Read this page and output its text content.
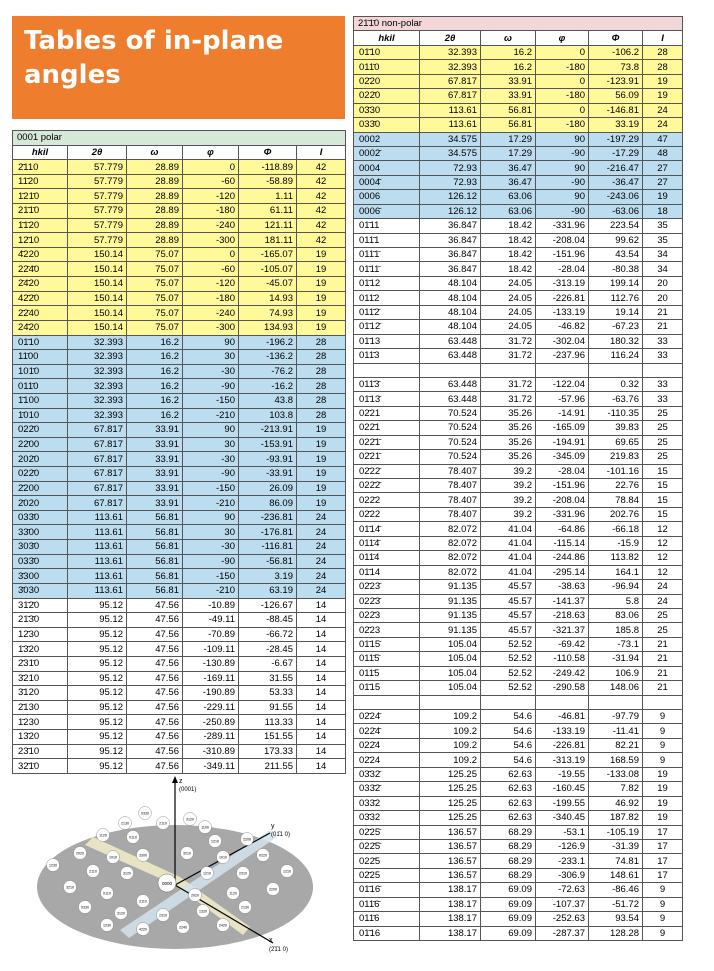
Tables of in-plane angles
0001 polar					
hkil	2θ	ω	φ	Φ	I
2̄110	57.779	28.89	0	-118.89	42
11̄20	57.779	28.89	-60	-58.89	42
1̄21̄0	57.779	28.89	-120	1.11	42
21̄1̄0	57.779	28.89	-180	61.11	42
1̄1̄20	57.779	28.89	-240	121.11	42
12̄10	57.779	28.89	-300	181.11	42
4̄220	150.14	75.07	0	-165.07	19
22̄4̄0	150.14	75.07	-60	-105.07	19
2̄4̄20	150.14	75.07	-120	-45.07	19
42̄2̄0	150.14	75.07	-180	14.93	19
2̄2̄40	150.14	75.07	-240	74.93	19
24̄20	150.14	75.07	-300	134.93	19
01̄10	32.393	16.2	90	-196.2	28
11̄00	32.393	16.2	30	-136.2	28
101̄0	32.393	16.2	-30	-76.2	28
011̄0	32.393	16.2	-90	-16.2	28
1̄100	32.393	16.2	-150	43.8	28
1̄010	32.393	16.2	-210	103.8	28
022̄0	67.817	33.91	90	-213.91	19
22̄00	67.817	33.91	30	-153.91	19
202̄0	67.817	33.91	-30	-93.91	19
022̄0	67.817	33.91	-90	-33.91	19
2̄200	67.817	33.91	-150	26.09	19
2̄020	67.817	33.91	-210	86.09	19
033̄0	113.61	56.81	90	-236.81	24
33̄00	113.61	56.81	30	-176.81	24
303̄0	113.61	56.81	-30	-116.81	24
033̄0	113.61	56.81	-90	-56.81	24
3̄300	113.61	56.81	-150	3.19	24
3̄030	113.61	56.81	-210	63.19	24
31̄2̄0	95.12	47.56	-10.89	-126.67	14
21̄3̄0	95.12	47.56	-49.11	-88.45	14
12̄30	95.12	47.56	-70.89	-66.72	14
1̄3̄20	95.12	47.56	-109.11	-28.45	14
2̄31̄0	95.12	47.56	-130.89	-6.67	14
3̄210	95.12	47.56	-169.11	31.55	14
3̄120	95.12	47.56	-190.89	53.33	14
2̄130	95.12	47.56	-229.11	91.55	14
1̄230	95.12	47.56	-250.89	113.33	14
13̄20	95.12	47.56	-289.11	151.55	14
23̄10	95.12	47.56	-310.89	173.33	14
32̄1̄0	95.12	47.56	-349.11	211.55	14
21̄1̄0 non-polar					
hkil	2θ	ω	φ	Φ	I
01̄10	32.393	16.2	0	-106.2	28
011̄0	32.393	16.2	-180	73.8	28
02̄20	67.817	33.91	0	-123.91	19
022̄0	67.817	33.91	-180	56.09	19
03̄30	113.61	56.81	0	-146.81	24
033̄0	113.61	56.81	-180	33.19	24
0002	34.575	17.29	90	-197.29	47
0002̄	34.575	17.29	-90	-17.29	48
0004	72.93	36.47	90	-216.47	27
0004̄	72.93	36.47	-90	-36.47	27
0006	126.12	63.06	90	-243.06	19
0006̄	126.12	63.06	-90	-63.06	18
01̄11	36.847	18.42	-331.96	223.54	35
011̄1	36.847	18.42	-208.04	99.62	35
011̄1̄	36.847	18.42	-151.96	43.54	34
01̄11̄	36.847	18.42	-28.04	-80.38	34
01̄12	48.104	24.05	-313.19	199.14	20
011̄2	48.104	24.05	-226.81	112.76	20
011̄2̄	48.104	24.05	-133.19	19.14	21
01̄12̄	48.104	24.05	-46.82	-67.23	21
01̄13	63.448	31.72	-302.04	180.32	33
011̄3	63.448	31.72	-237.96	116.24	33

011̄3̄	63.448	31.72	-122.04	0.32	33
01̄13̄	63.448	31.72	-57.96	-63.76	33
02̄21	70.524	35.26	-14.91	-110.35	25
022̄1	70.524	35.26	-165.09	39.83	25
022̄1̄	70.524	35.26	-194.91	69.65	25
02̄21̄	70.524	35.26	-345.09	219.83	25
02̄22̄	78.407	39.2	-28.04	-101.16	15
022̄2̄	78.407	39.2	-151.96	22.76	15
022̄2	78.407	39.2	-208.04	78.84	15
02̄22	78.407	39.2	-331.96	202.76	15
01̄14̄	82.072	41.04	-64.86	-66.18	12
011̄4̄	82.072	41.04	-115.14	-15.9	12
011̄4	82.072	41.04	-244.86	113.82	12
01̄14	82.072	41.04	-295.14	164.1	12
02̄23̄	91.135	45.57	-38.63	-96.94	24
022̄3̄	91.135	45.57	-141.37	5.8	24
022̄3	91.135	45.57	-218.63	83.06	25
02̄23	91.135	45.57	-321.37	185.8	25
01̄15̄	105.04	52.52	-69.42	-73.1	21
011̄5̄	105.04	52.52	-110.58	-31.94	21
011̄5	105.04	52.52	-249.42	106.9	21
01̄15	105.04	52.52	-290.58	148.06	21

02̄24̄	109.2	54.6	-46.81	-97.79	9
022̄4̄	109.2	54.6	-133.19	-11.41	9
022̄4	109.2	54.6	-226.81	82.21	9
02̄24	109.2	54.6	-313.19	168.59	9
03̄32̄	125.25	62.63	-19.55	-133.08	19
033̄2̄	125.25	62.63	-160.45	7.82	19
033̄2	125.25	62.63	-199.55	46.92	19
03̄32	125.25	62.63	-340.45	187.82	19
02̄25̄	136.57	68.29	-53.1	-105.19	17
022̄5̄	136.57	68.29	-126.9	-31.39	17
022̄5	136.57	68.29	-233.1	74.81	17
02̄25	136.57	68.29	-306.9	148.61	17
01̄16̄	138.17	69.09	-72.63	-86.46	9
011̄6̄	138.17	69.09	-107.37	-51.72	9
011̄6	138.17	69.09	-252.63	93.54	9
01̄16	138.17	69.09	-287.37	128.28	9
z
(0001)
y
(01̄1 0)
x
(2̄1̄1 0)
0330
2130	2110
3120
1100
1120	0110
1210	2200
2020
1010	3300	3210
1010	0220
1230
2110	3120	1210	2310	1210
3210
0110
2110
2020	1120
2200
0330
3120	2310
1320
2130
1230
4220	2240	2420
0000
